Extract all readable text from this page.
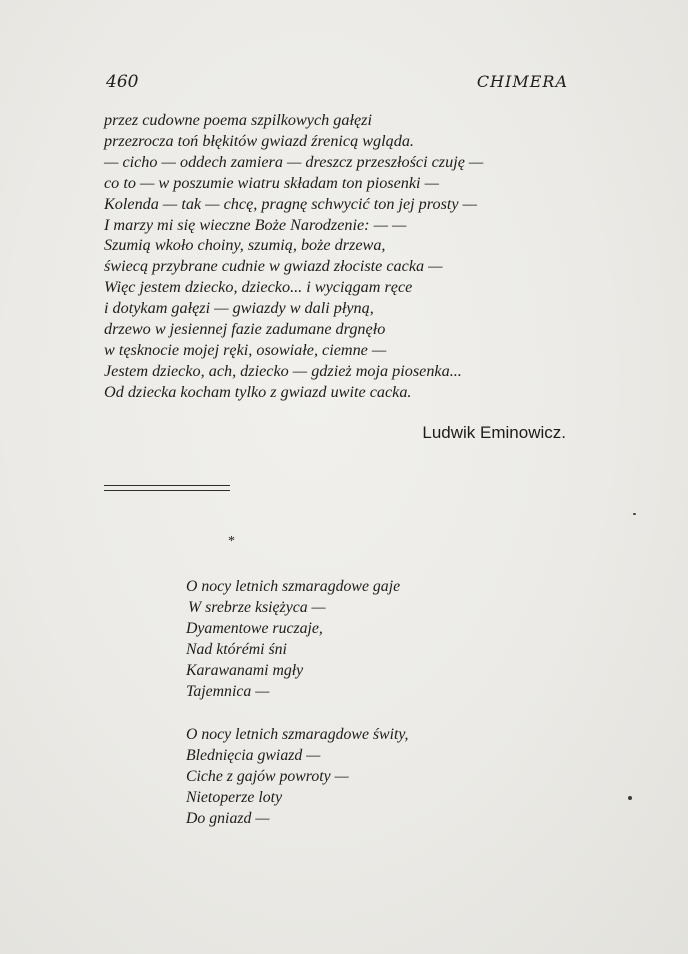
460	CHIMERA
przez cudowne poema szpilkowych gałęzi
przezrocza toń błękitów gwiazd źrenicą wgląda.
— cicho — oddech zamiera — dreszcz przeszłości czuję —
co to — w poszumie wiatru składam ton piosenki —
Kolenda — tak — chcę, pragnę schwycić ton jej prosty —
I marzy mi się wieczne Boże Narodzenie: — —
Szumią wkoło choiny, szumią, boże drzewa,
świecą przybrane cudnie w gwiazd złociste cacka —
Więc jestem dziecko, dziecko... i wyciągam ręce
i dotykam gałęzi — gwiazdy w dali płyną,
drzewo w jesiennej fazie zadumane drgnęło
w tęsknocie mojej ręki, osowiałe, ciemne —
Jestem dziecko, ach, dziecko — gdzież moja piosenka...
Od dziecka kocham tylko z gwiazd uwite cacka.
Ludwik Eminowicz.
*
O nocy letnich szmaragdowe gaje
W srebrze księżyca —
Dyamentowe ruczaje,
Nad którémi śni
Karawanami mgły
Tajemnica —
O nocy letnich szmaragdowe świty,
Blednięcia gwiazd —
Ciche z gajów powroty —
Nietoperze loty
Do gniazd —
